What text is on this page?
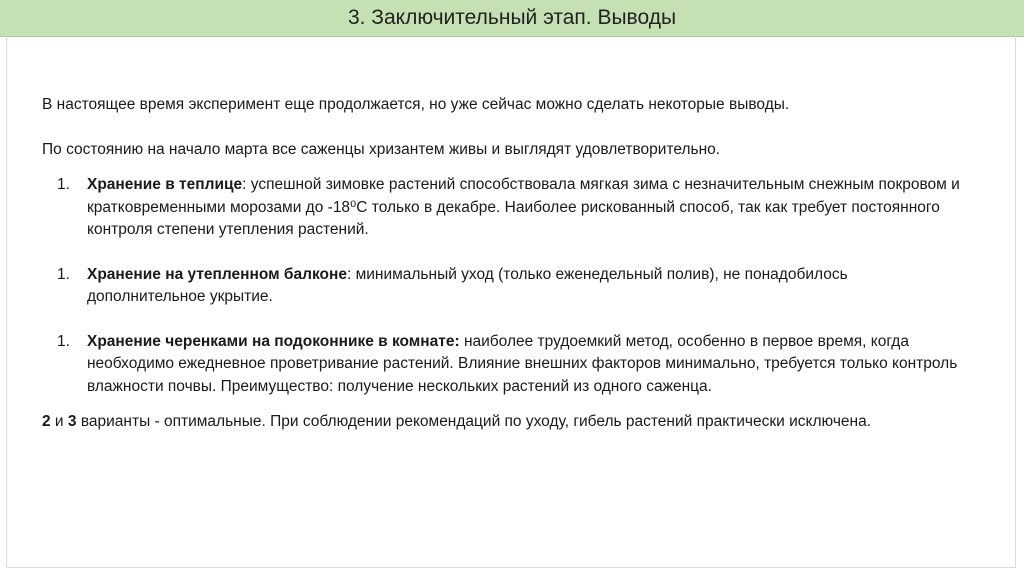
3. Заключительный этап. Выводы

В настоящее время эксперимент еще продолжается, но уже сейчас можно сделать некоторые выводы.

По состоянию на начало марта все саженцы хризантем живы и выглядят удовлетворительно.

1.	Хранение в теплице: успешной зимовке растений способствовала мягкая зима с незначительным снежным покровом и кратковременными морозами до -18⁰С только в декабре. Наиболее рискованный способ, так как требует постоянного контроля степени утепления растений.
1.	Хранение на утепленном балконе: минимальный уход (только еженедельный полив), не понадобилось дополнительное укрытие.
1.	Хранение черенками на подоконнике в комнате: наиболее трудоемкий метод, особенно в первое время, когда необходимо ежедневное проветривание растений. Влияние внешних факторов минимально, требуется только контроль влажности почвы. Преимущество: получение нескольких растений из одного саженца.

2 и 3 варианты - оптимальные. При соблюдении рекомендаций по уходу, гибель растений практически исключена.
